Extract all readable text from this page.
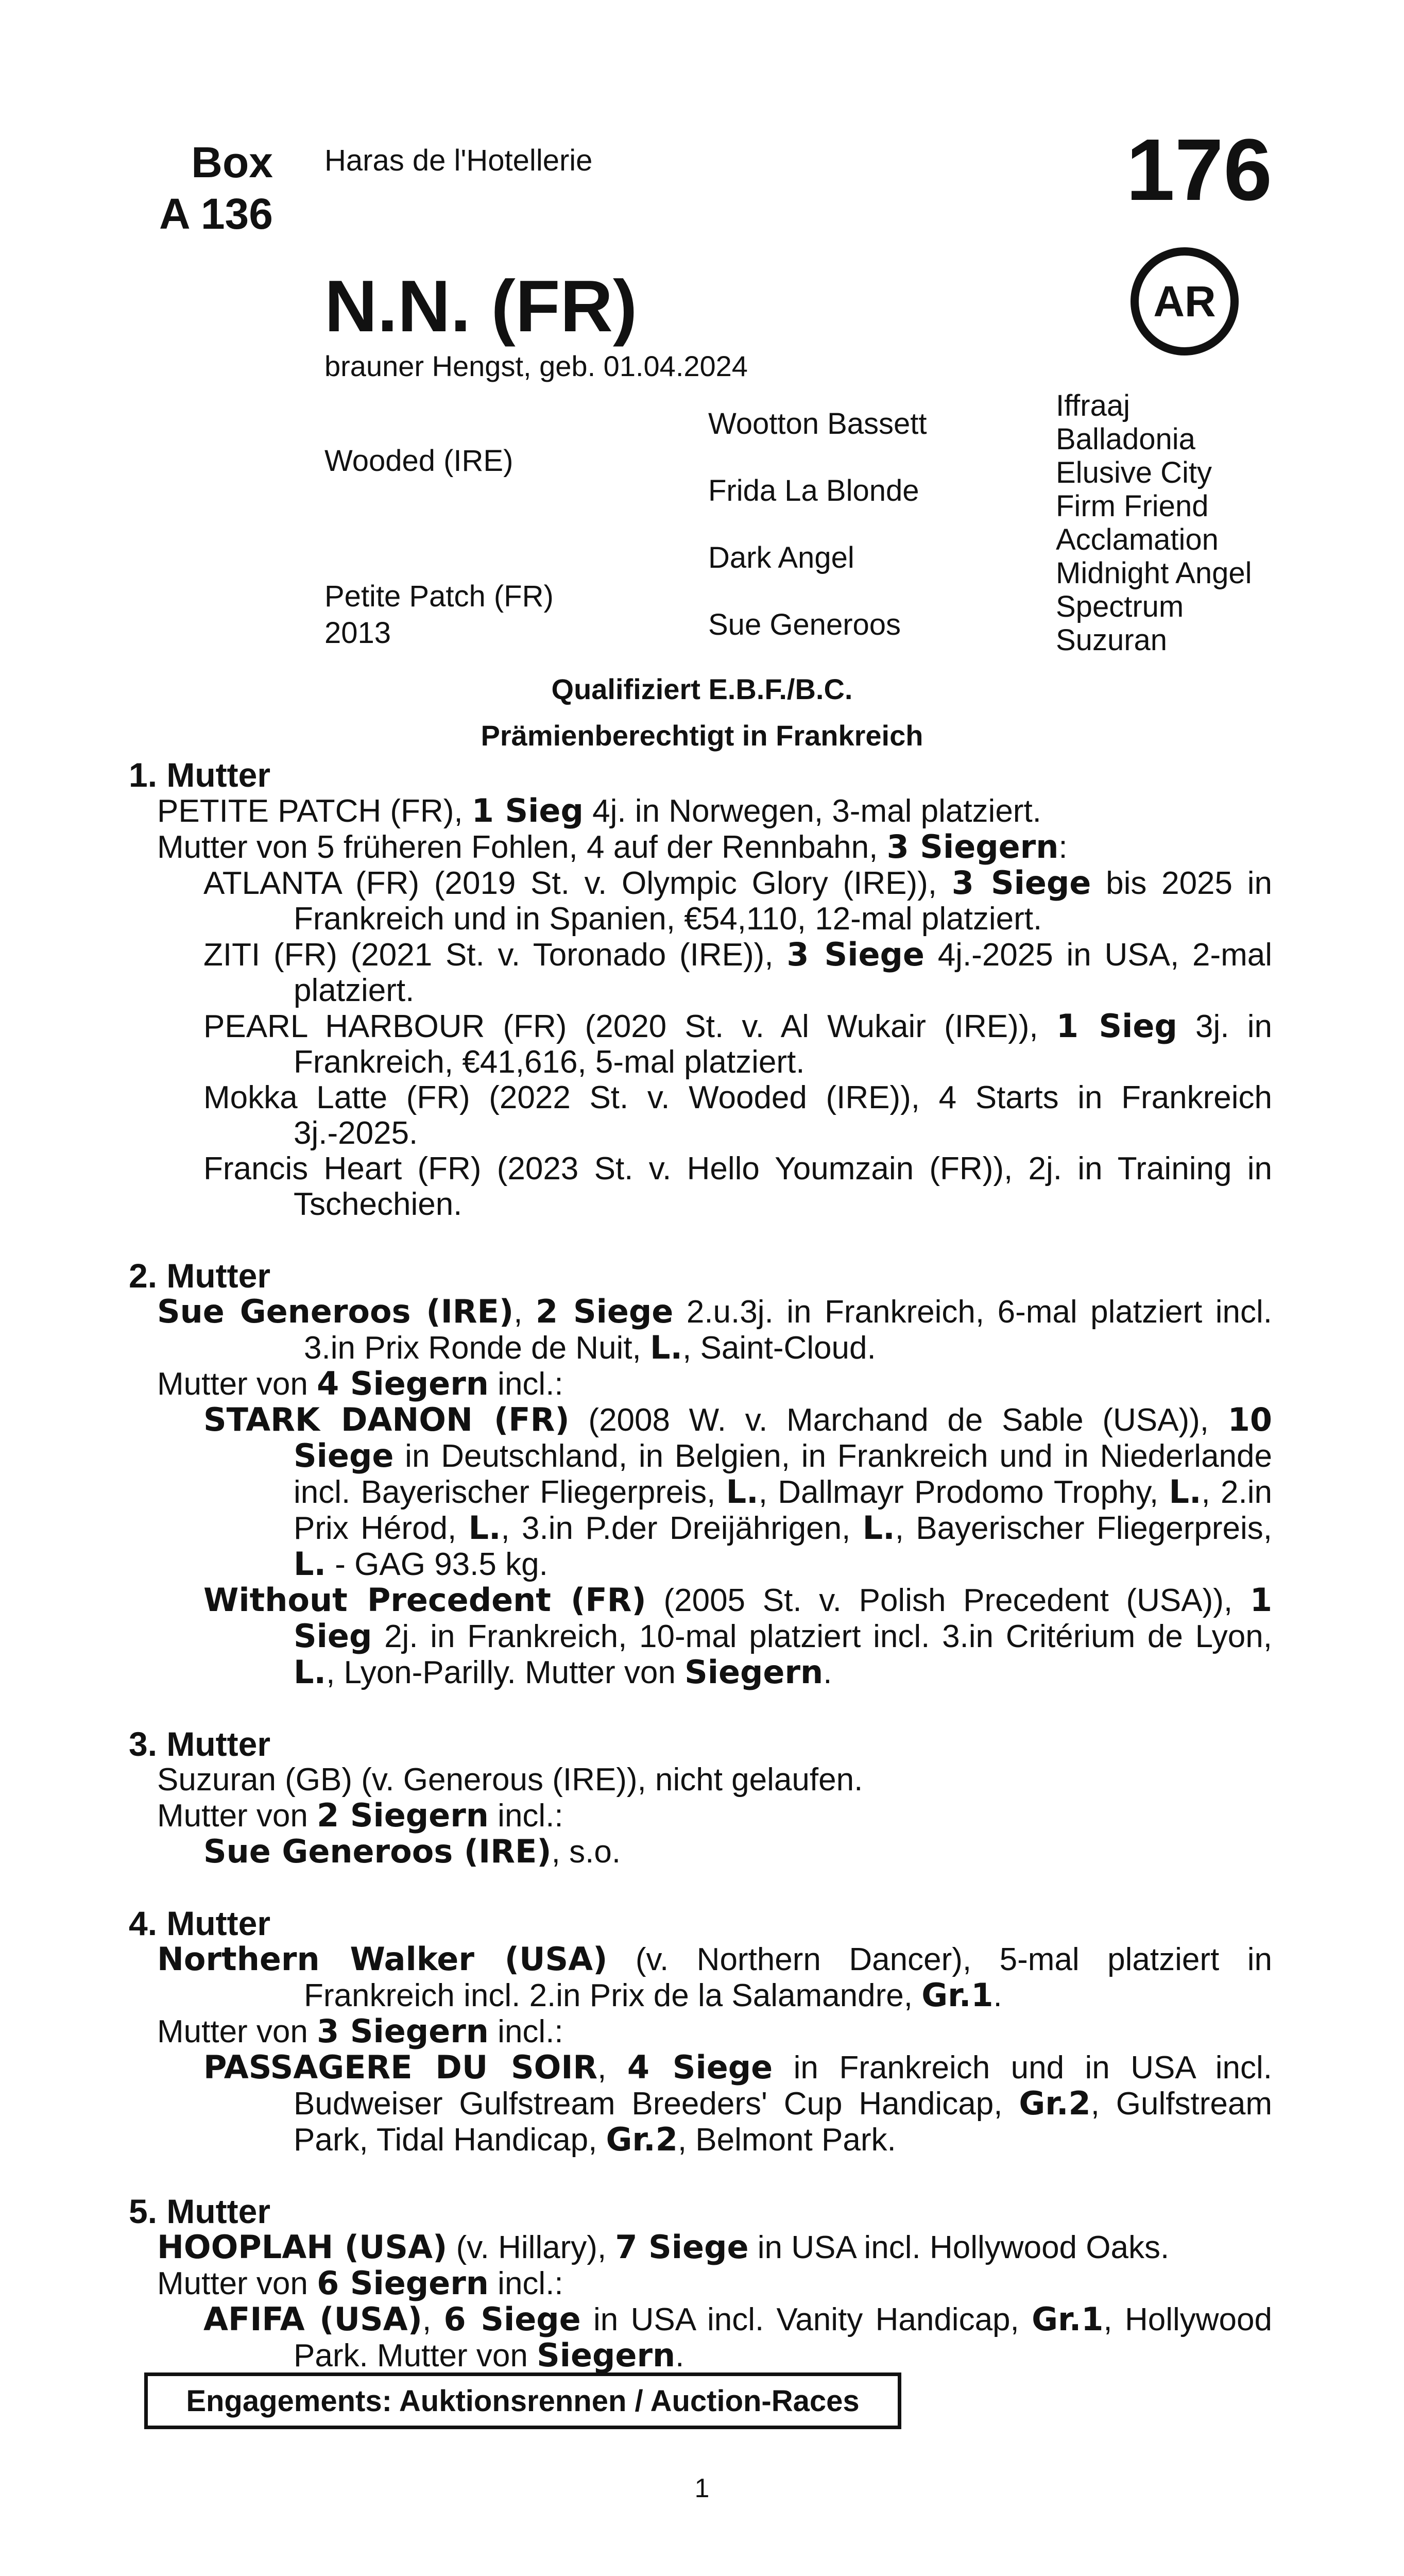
Box
A 136
Haras de l'Hotellerie	176
AR
N.N. (FR)
brauner Hengst, geb. 01.04.2024
Wooded (IRE)
Petite Patch (FR)
2013
Wootton Bassett
Frida La Blonde
Dark Angel
Sue Generoos
Iffraaj
Balladonia
Elusive City
Firm Friend
Acclamation
Midnight Angel
Spectrum
Suzuran
Qualifiziert E.B.F./B.C.
Prämienberechtigt in Frankreich
1. Mutter
PETITE PATCH (FR), 1 Sieg 4j. in Norwegen, 3-mal platziert.
Mutter von 5 früheren Fohlen, 4 auf der Rennbahn, 3 Siegern:
ATLANTA (FR) (2019 St. v. Olympic Glory (IRE)), 3 Siege bis 2025 in Frankreich und in Spanien, €54,110, 12-mal platziert.
ZITI (FR) (2021 St. v. Toronado (IRE)), 3 Siege 4j.-2025 in USA, 2-mal platziert.
PEARL HARBOUR (FR) (2020 St. v. Al Wukair (IRE)), 1 Sieg 3j. in Frankreich, €41,616, 5-mal platziert.
Mokka Latte (FR) (2022 St. v. Wooded (IRE)), 4 Starts in Frankreich 3j.-2025.
Francis Heart (FR) (2023 St. v. Hello Youmzain (FR)), 2j. in Training in Tschechien.
2. Mutter
Sue Generoos (IRE), 2 Siege 2.u.3j. in Frankreich, 6-mal platziert incl. 3.in Prix Ronde de Nuit, L., Saint-Cloud.
Mutter von 4 Siegern incl.:
STARK DANON (FR) (2008 W. v. Marchand de Sable (USA)), 10 Siege in Deutschland, in Belgien, in Frankreich und in Niederlande incl. Bayerischer Fliegerpreis, L., Dallmayr Prodomo Trophy, L., 2.in Prix Hérod, L., 3.in P.der Dreijährigen, L., Bayerischer Fliegerpreis, L. - GAG 93.5 kg.
Without Precedent (FR) (2005 St. v. Polish Precedent (USA)), 1 Sieg 2j. in Frankreich, 10-mal platziert incl. 3.in Critérium de Lyon, L., Lyon-Parilly. Mutter von Siegern.
3. Mutter
Suzuran (GB) (v. Generous (IRE)), nicht gelaufen.
Mutter von 2 Siegern incl.:
Sue Generoos (IRE), s.o.
4. Mutter
Northern Walker (USA) (v. Northern Dancer), 5-mal platziert in Frankreich incl. 2.in Prix de la Salamandre, Gr.1.
Mutter von 3 Siegern incl.:
PASSAGERE DU SOIR, 4 Siege in Frankreich und in USA incl. Budweiser Gulfstream Breeders' Cup Handicap, Gr.2, Gulfstream Park, Tidal Handicap, Gr.2, Belmont Park.
5. Mutter
HOOPLAH (USA) (v. Hillary), 7 Siege in USA incl. Hollywood Oaks.
Mutter von 6 Siegern incl.:
AFIFA (USA), 6 Siege in USA incl. Vanity Handicap, Gr.1, Hollywood Park. Mutter von Siegern.
Engagements: Auktionsrennen / Auction-Races
1
